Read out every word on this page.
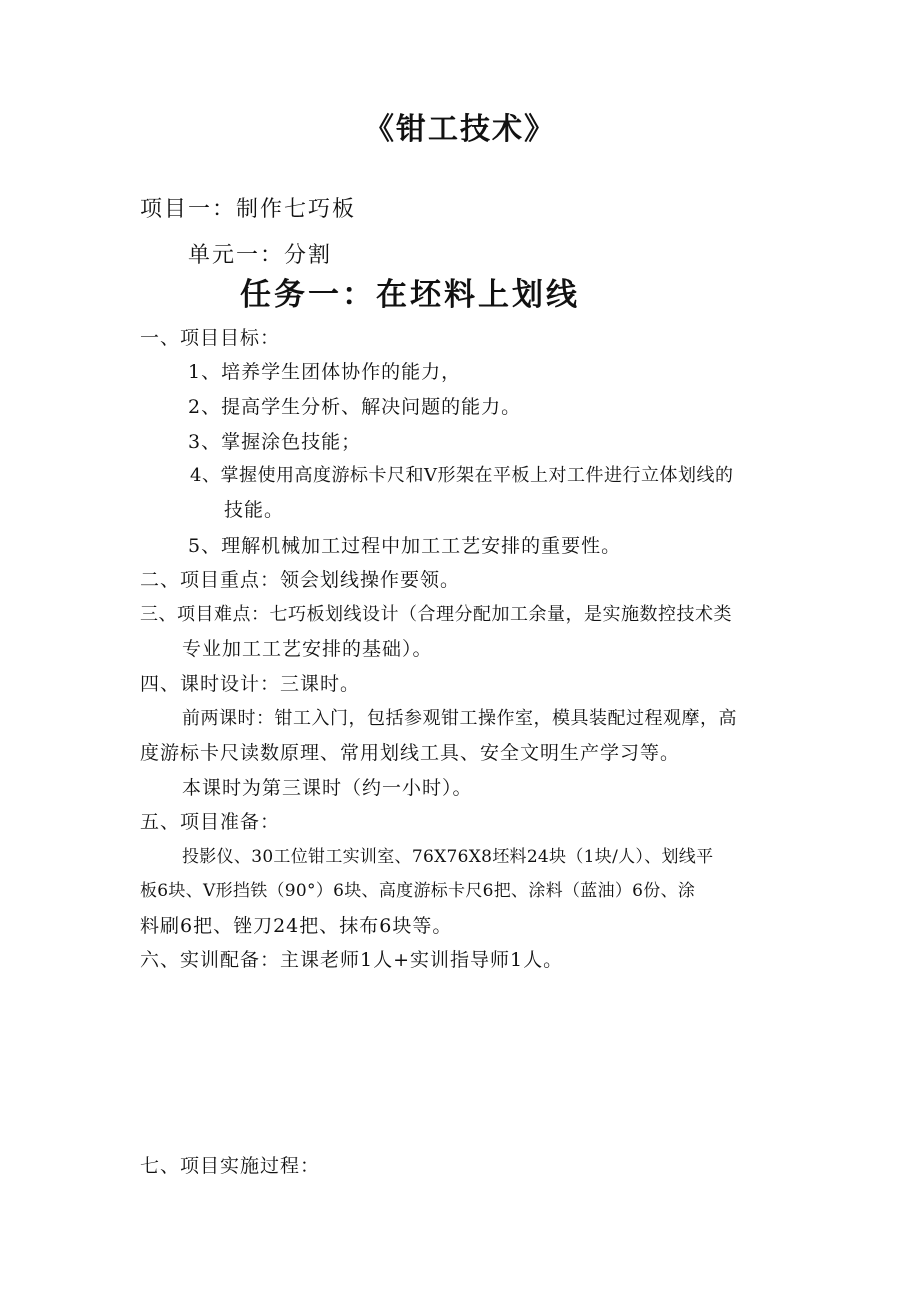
《钳工技术》
项目一：制作七巧板
单元一：分割
任务一：在坯料上划线
一、项目目标：
1、培养学生团体协作的能力，
2、提高学生分析、解决问题的能力。
3、掌握涂色技能；
4、掌握使用高度游标卡尺和V形架在平板上对工件进行立体划线的
技能。
5、理解机械加工过程中加工工艺安排的重要性。
二、项目重点：领会划线操作要领。
三、项目难点：七巧板划线设计（合理分配加工余量，是实施数控技术类
专业加工工艺安排的基础）。
四、课时设计：三课时。
前两课时：钳工入门，包括参观钳工操作室，模具装配过程观摩，高
度游标卡尺读数原理、常用划线工具、安全文明生产学习等。
本课时为第三课时（约一小时）。
五、项目准备：
投影仪、30工位钳工实训室、76X76X8坯料24块（1块/人）、划线平
板6块、V形挡铁（90°）6块、高度游标卡尺6把、涂料（蓝油）6份、涂
料刷6把、锉刀24把、抹布6块等。
六、实训配备：主课老师1人+实训指导师1人。
七、项目实施过程：
